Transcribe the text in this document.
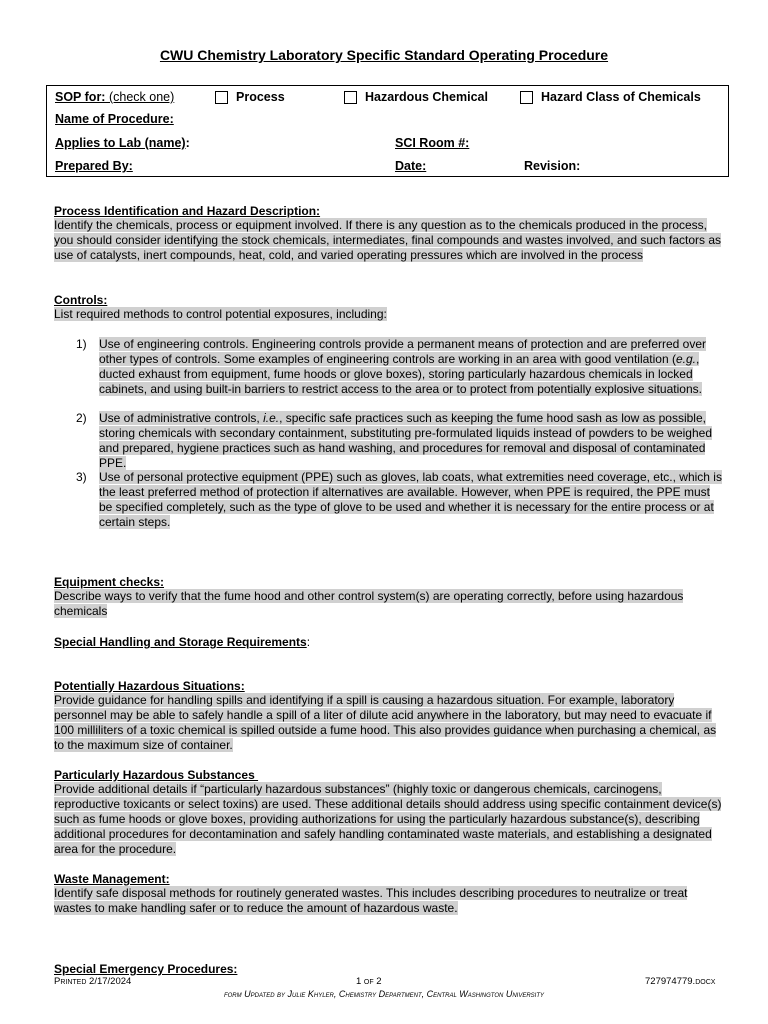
CWU Chemistry Laboratory Specific Standard Operating Procedure
SOP for: (check one)	Process	Hazardous Chemical	Hazard Class of Chemicals
Name of Procedure:
Applies to Lab (name):	SCI Room #:
Prepared By:	Date:	Revision:
Process Identification and Hazard Description:
Identify the chemicals, process or equipment involved. If there is any question as to the chemicals produced in the process, you should consider identifying the stock chemicals, intermediates, final compounds and wastes involved, and such factors as use of catalysts, inert compounds, heat, cold, and varied operating pressures which are involved in the process
Controls:
List required methods to control potential exposures, including:
1) Use of engineering controls. Engineering controls provide a permanent means of protection and are preferred over other types of controls. Some examples of engineering controls are working in an area with good ventilation (e.g., ducted exhaust from equipment, fume hoods or glove boxes), storing particularly hazardous chemicals in locked cabinets, and using built-in barriers to restrict access to the area or to protect from potentially explosive situations.
2) Use of administrative controls, i.e., specific safe practices such as keeping the fume hood sash as low as possible, storing chemicals with secondary containment, substituting pre-formulated liquids instead of powders to be weighed and prepared, hygiene practices such as hand washing, and procedures for removal and disposal of contaminated PPE.
3) Use of personal protective equipment (PPE) such as gloves, lab coats, what extremities need coverage, etc., which is the least preferred method of protection if alternatives are available. However, when PPE is required, the PPE must be specified completely, such as the type of glove to be used and whether it is necessary for the entire process or at certain steps.
Equipment checks:
Describe ways to verify that the fume hood and other control system(s) are operating correctly, before using hazardous chemicals
Special Handling and Storage Requirements:
Potentially Hazardous Situations:
Provide guidance for handling spills and identifying if a spill is causing a hazardous situation. For example, laboratory personnel may be able to safely handle a spill of a liter of dilute acid anywhere in the laboratory, but may need to evacuate if 100 milliliters of a toxic chemical is spilled outside a fume hood. This also provides guidance when purchasing a chemical, as to the maximum size of container.
Particularly Hazardous Substances
Provide additional details if “particularly hazardous substances” (highly toxic or dangerous chemicals, carcinogens, reproductive toxicants or select toxins) are used. These additional details should address using specific containment device(s) such as fume hoods or glove boxes, providing authorizations for using the particularly hazardous substance(s), describing additional procedures for decontamination and safely handling contaminated waste materials, and establishing a designated area for the procedure.
Waste Management:
Identify safe disposal methods for routinely generated wastes. This includes describing procedures to neutralize or treat wastes to make handling safer or to reduce the amount of hazardous waste.
Special Emergency Procedures:
Printed 2/17/2024	1 of 2	727974779.docx
form Updated by Julie Khyler, Chemistry Department, Central Washington University
